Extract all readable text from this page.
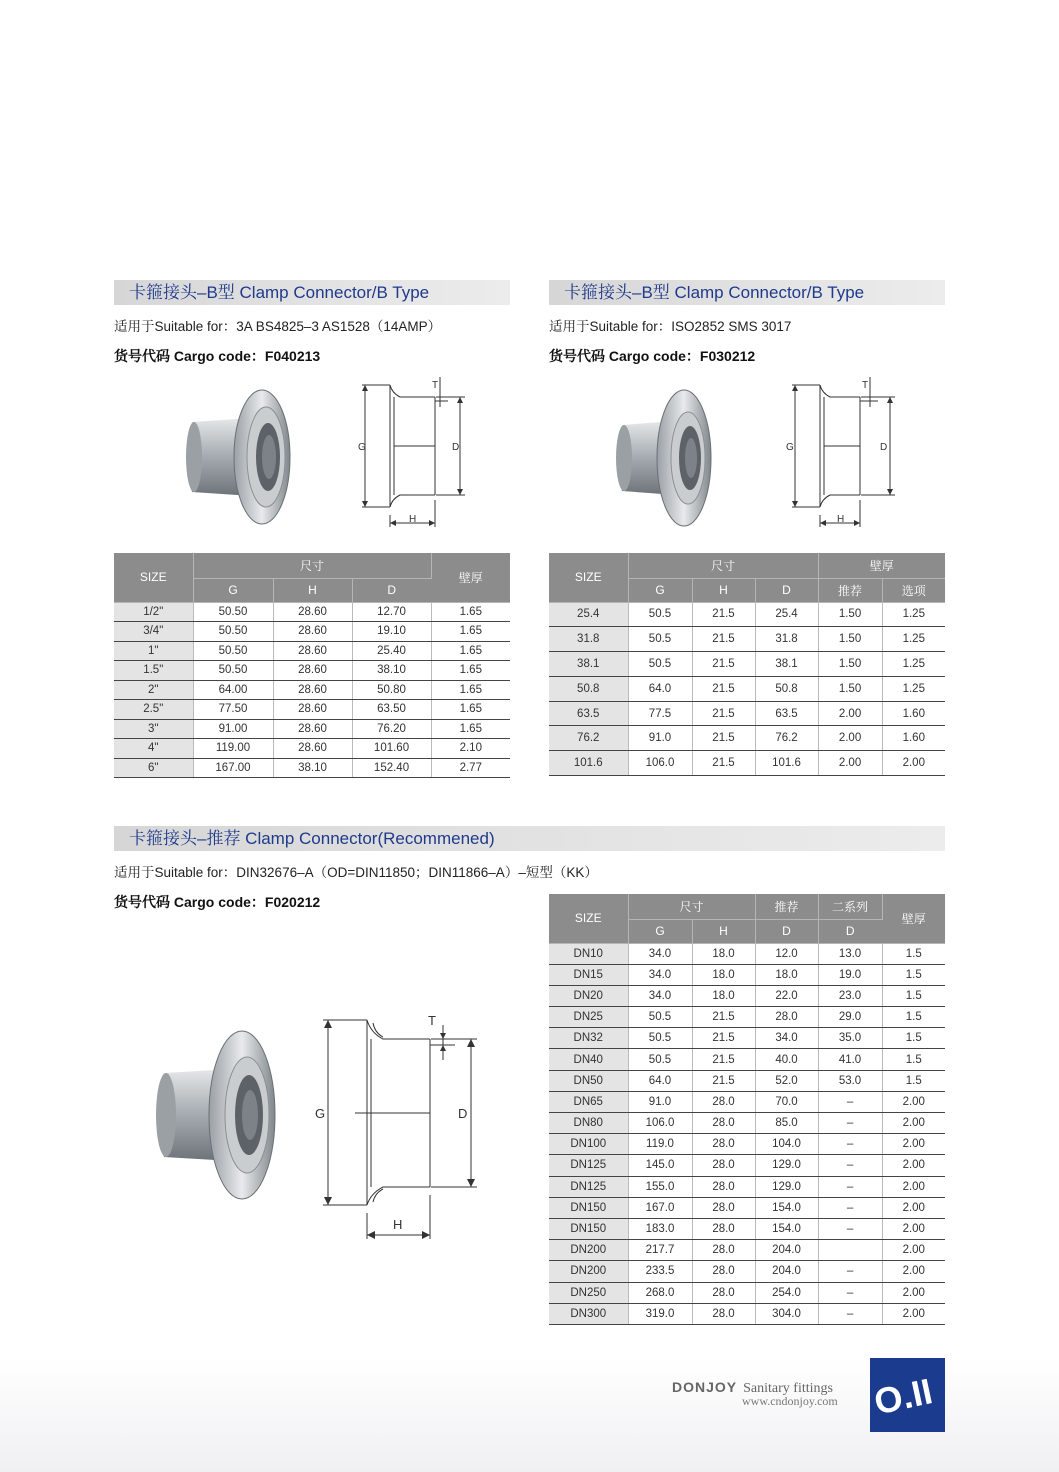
卡箍接头–B型 Clamp Connector/B Type
适用于Suitable for：3A BS4825–3 AS1528（14AMP）
货号代码 Cargo code：F040213
G	D
H
T
SIZE	尺寸			壁厚
	G	H	D	
1/2"	50.50	28.60	12.70	1.65
3/4"	50.50	28.60	19.10	1.65
1"	50.50	28.60	25.40	1.65
1.5"	50.50	28.60	38.10	1.65
2"	64.00	28.60	50.80	1.65
2.5"	77.50	28.60	63.50	1.65
3"	91.00	28.60	76.20	1.65
4"	119.00	28.60	101.60	2.10
6"	167.00	38.10	152.40	2.77
卡箍接头–B型 Clamp Connector/B Type
适用于Suitable for：ISO2852 SMS 3017
货号代码 Cargo code：F030212
G	D
H
T
SIZE	尺寸			壁厚	
	G	H	D	推荐	选项
25.4	50.5	21.5	25.4	1.50	1.25
31.8	50.5	21.5	31.8	1.50	1.25
38.1	50.5	21.5	38.1	1.50	1.25
50.8	64.0	21.5	50.8	1.50	1.25
63.5	77.5	21.5	63.5	2.00	1.60
76.2	91.0	21.5	76.2	2.00	1.60
101.6	106.0	21.5	101.6	2.00	2.00
卡箍接头–推荐 Clamp Connector(Recommened)
适用于Suitable for：DIN32676–A（OD=DIN11850；DIN11866–A）–短型（KK）
货号代码 Cargo code：F020212
G	D
H
T
SIZE	尺寸		推荐	二系列	壁厚
	G	H	D	D	
DN10	34.0	18.0	12.0	13.0	1.5
DN15	34.0	18.0	18.0	19.0	1.5
DN20	34.0	18.0	22.0	23.0	1.5
DN25	50.5	21.5	28.0	29.0	1.5
DN32	50.5	21.5	34.0	35.0	1.5
DN40	50.5	21.5	40.0	41.0	1.5
DN50	64.0	21.5	52.0	53.0	1.5
DN65	91.0	28.0	70.0	–	2.00
DN80	106.0	28.0	85.0	–	2.00
DN100	119.0	28.0	104.0	–	2.00
DN125	145.0	28.0	129.0	–	2.00
DN125	155.0	28.0	129.0	–	2.00
DN150	167.0	28.0	154.0	–	2.00
DN150	183.0	28.0	154.0	–	2.00
DN200	217.7	28.0	204.0		2.00
DN200	233.5	28.0	204.0	–	2.00
DN250	268.0	28.0	254.0	–	2.00
DN300	319.0	28.0	304.0	–	2.00
DONJOY Sanitary fittings
www.cndonjoy.com O.II
